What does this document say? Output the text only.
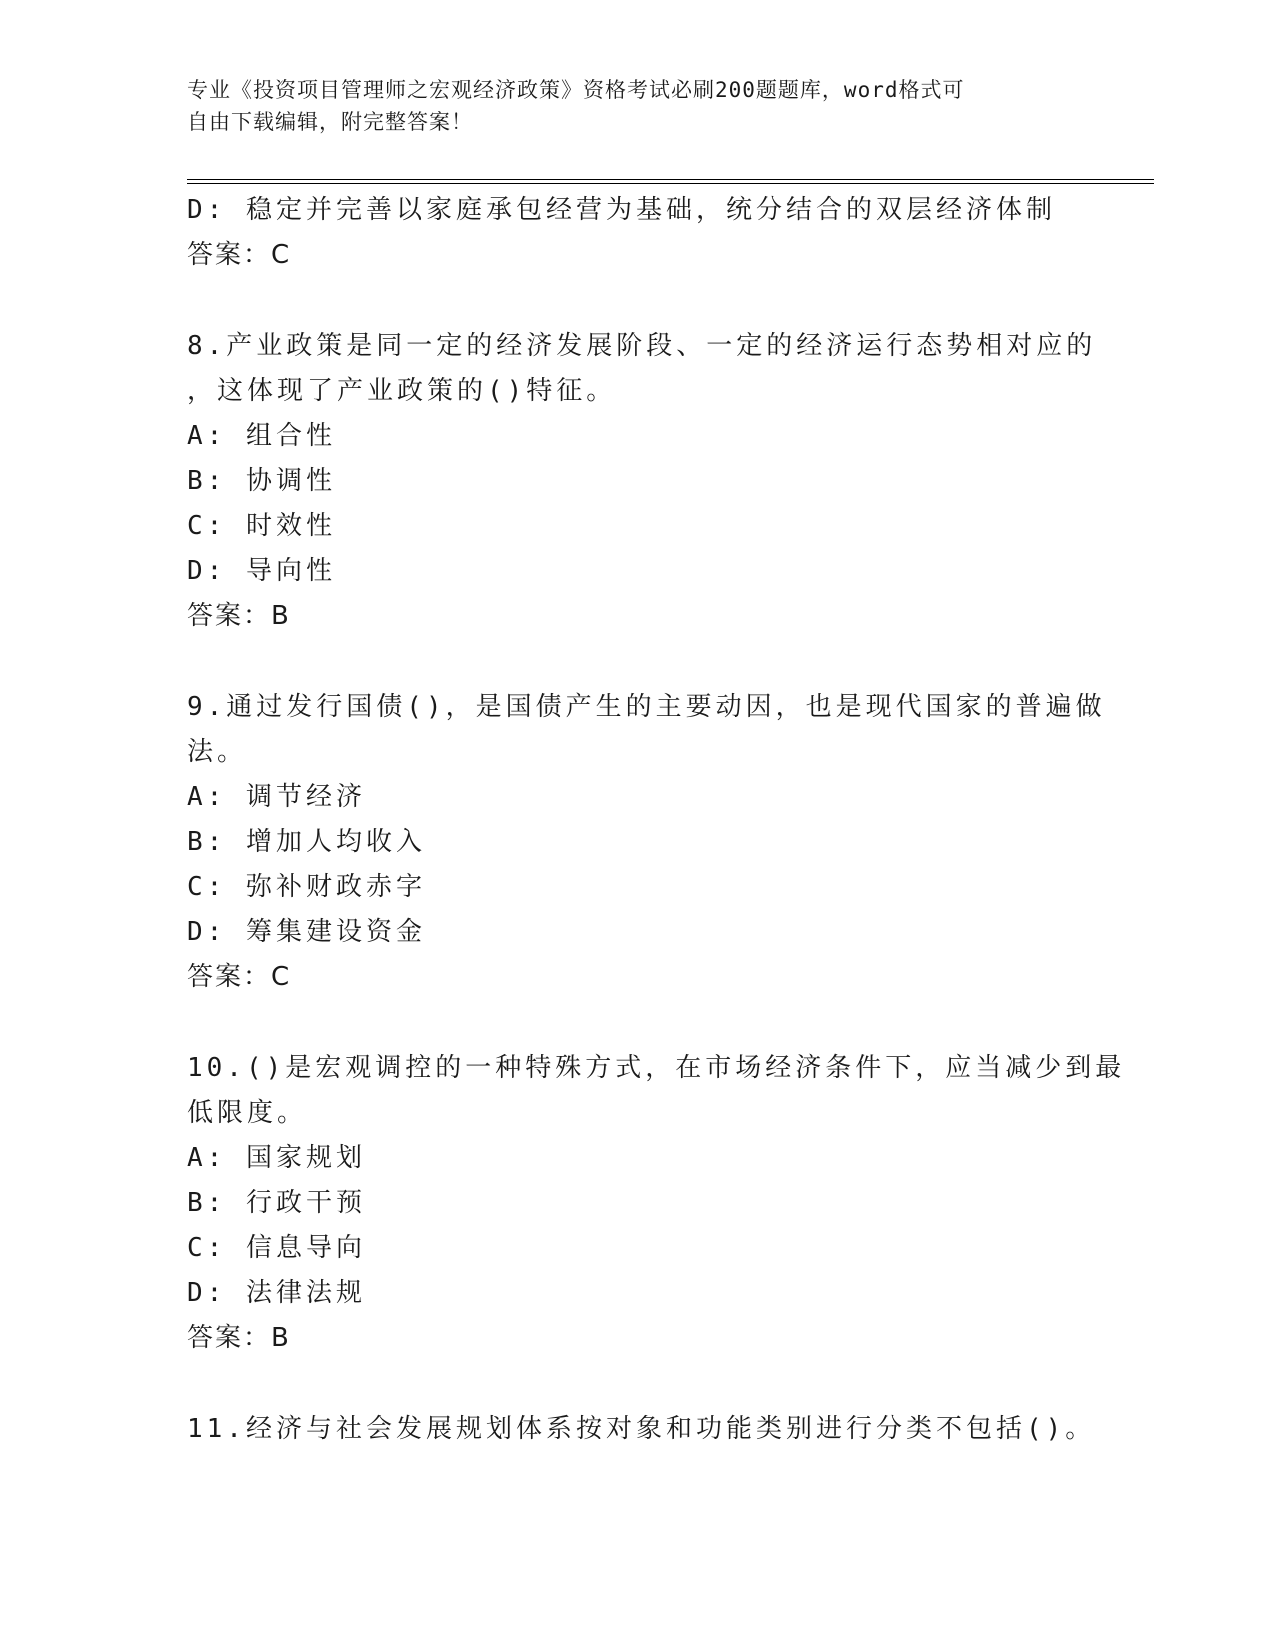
专业《投资项目管理师之宏观经济政策》资格考试必刷200题题库，word格式可
自由下载编辑，附完整答案！
D: 稳定并完善以家庭承包经营为基础，统分结合的双层经济体制
答案：C
8.产业政策是同一定的经济发展阶段、一定的经济运行态势相对应的
，这体现了产业政策的()特征。
A: 组合性
B: 协调性
C: 时效性
D: 导向性
答案：B
9.通过发行国债()，是国债产生的主要动因，也是现代国家的普遍做
法。
A: 调节经济
B: 增加人均收入
C: 弥补财政赤字
D: 筹集建设资金
答案：C
10.()是宏观调控的一种特殊方式，在市场经济条件下，应当减少到最
低限度。
A: 国家规划
B: 行政干预
C: 信息导向
D: 法律法规
答案：B
11.经济与社会发展规划体系按对象和功能类别进行分类不包括()。
